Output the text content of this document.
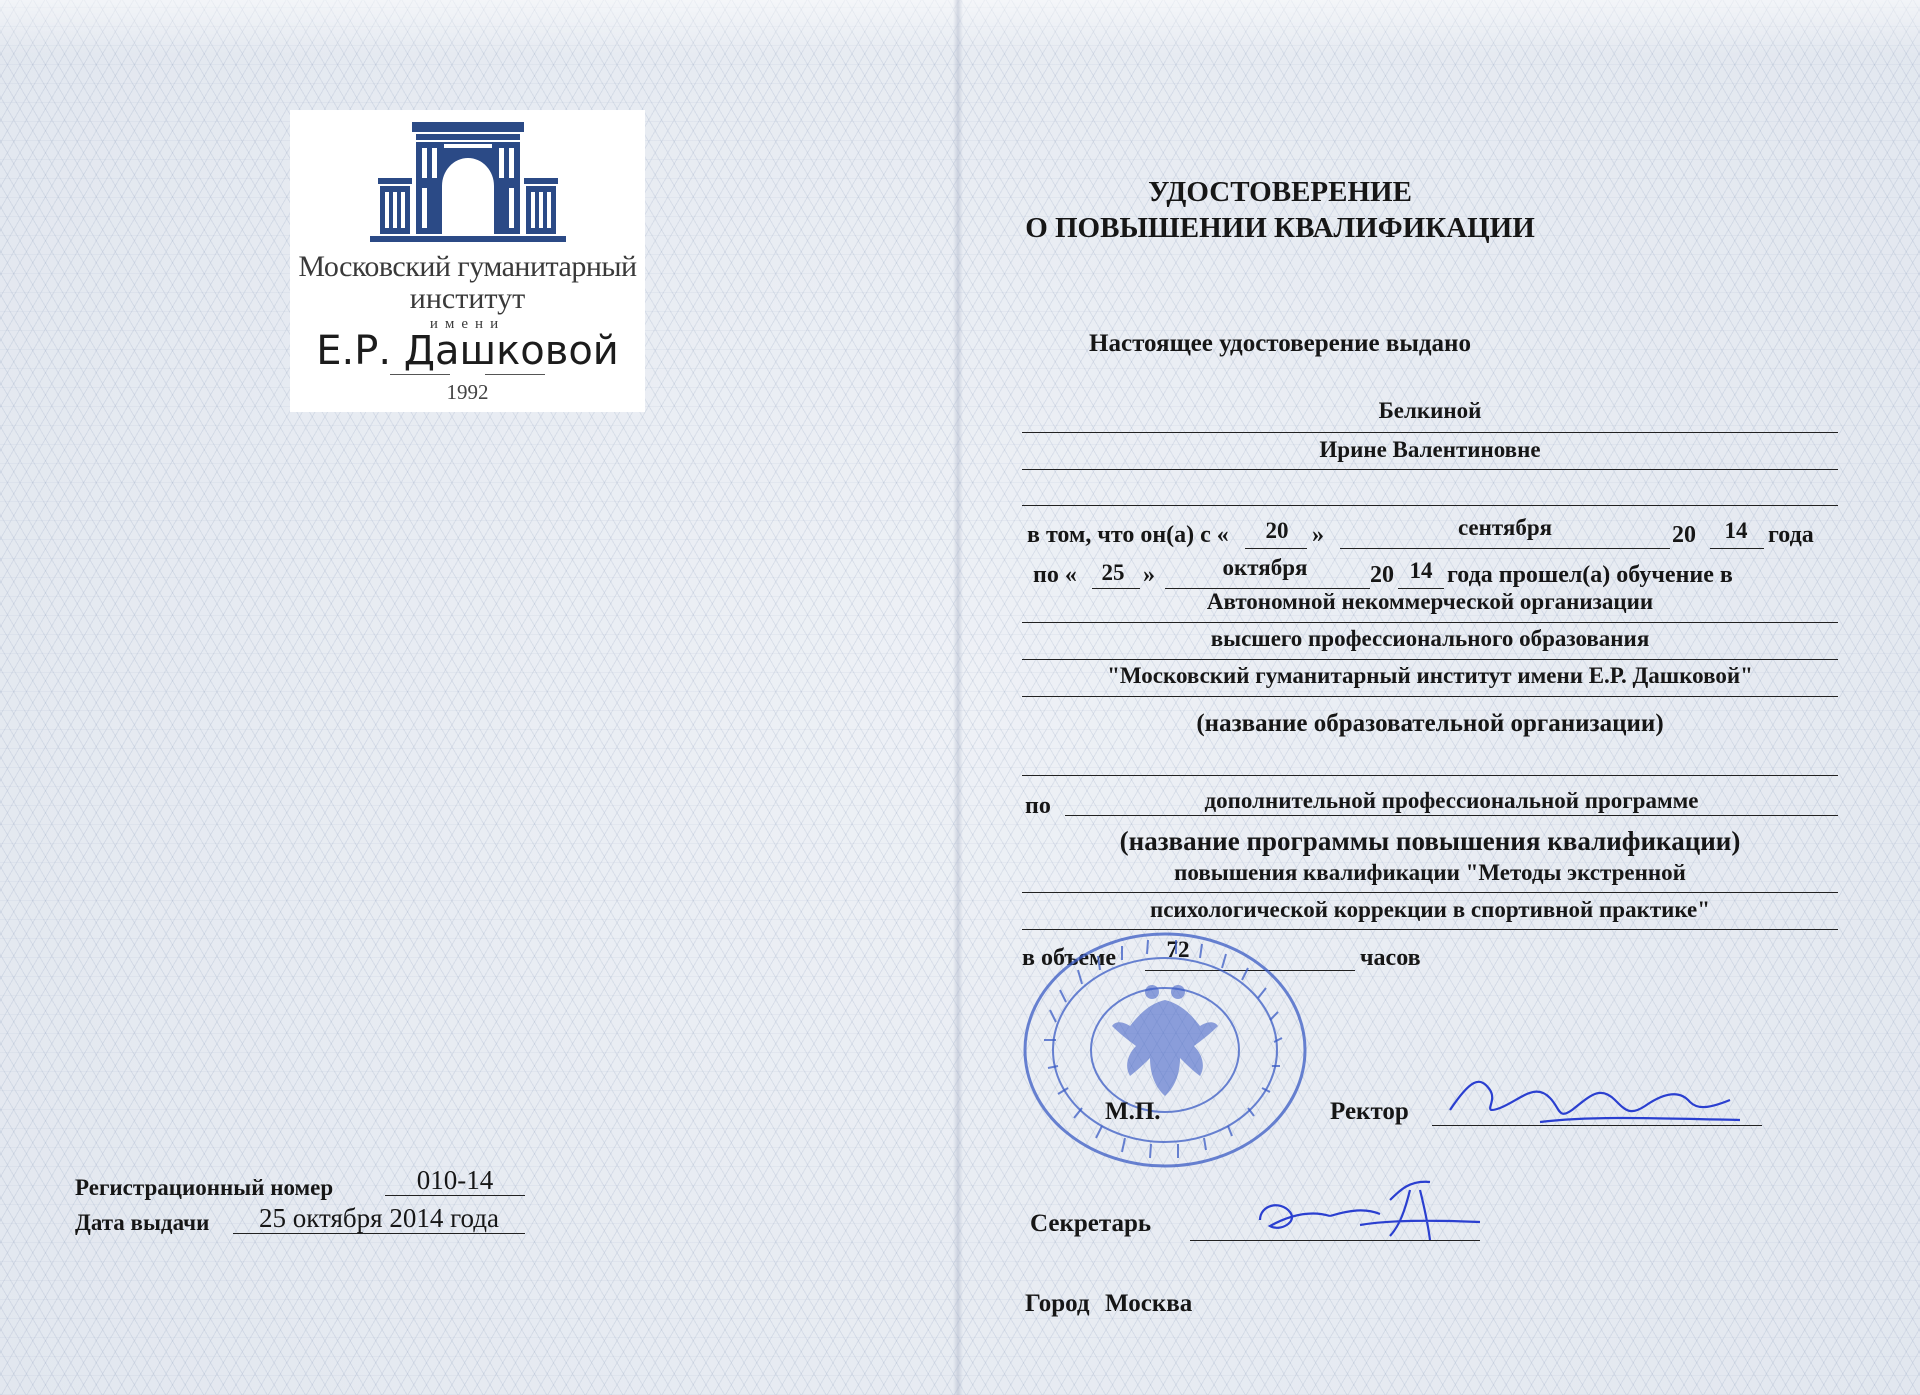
Московский гуманитарный
институт
имени
Е.Р. Дашковой
1992
Регистрационный номер	010-14
Дата выдачи	25 октября 2014 года
УДОСТОВЕРЕНИЕ
О ПОВЫШЕНИИ КВАЛИФИКАЦИИ
Настоящее удостоверение выдано
Белкиной
Ирине Валентиновне
в том, что он(а) с «	20 »	сентября	20	14 года
по «	25 »	октября	20 14 года прошел(а) обучение в
Автономной некоммерческой организации
высшего профессионального образования
"Московский гуманитарный институт имени Е.Р. Дашковой"
(название образовательной организации)
по	дополнительной профессиональной программе
(название программы повышения квалификации)
повышения квалификации "Методы экстренной
психологической коррекции в спортивной практике"
в объеме	72	часов
М.П.	Ректор
Секретарь
Город Москва
